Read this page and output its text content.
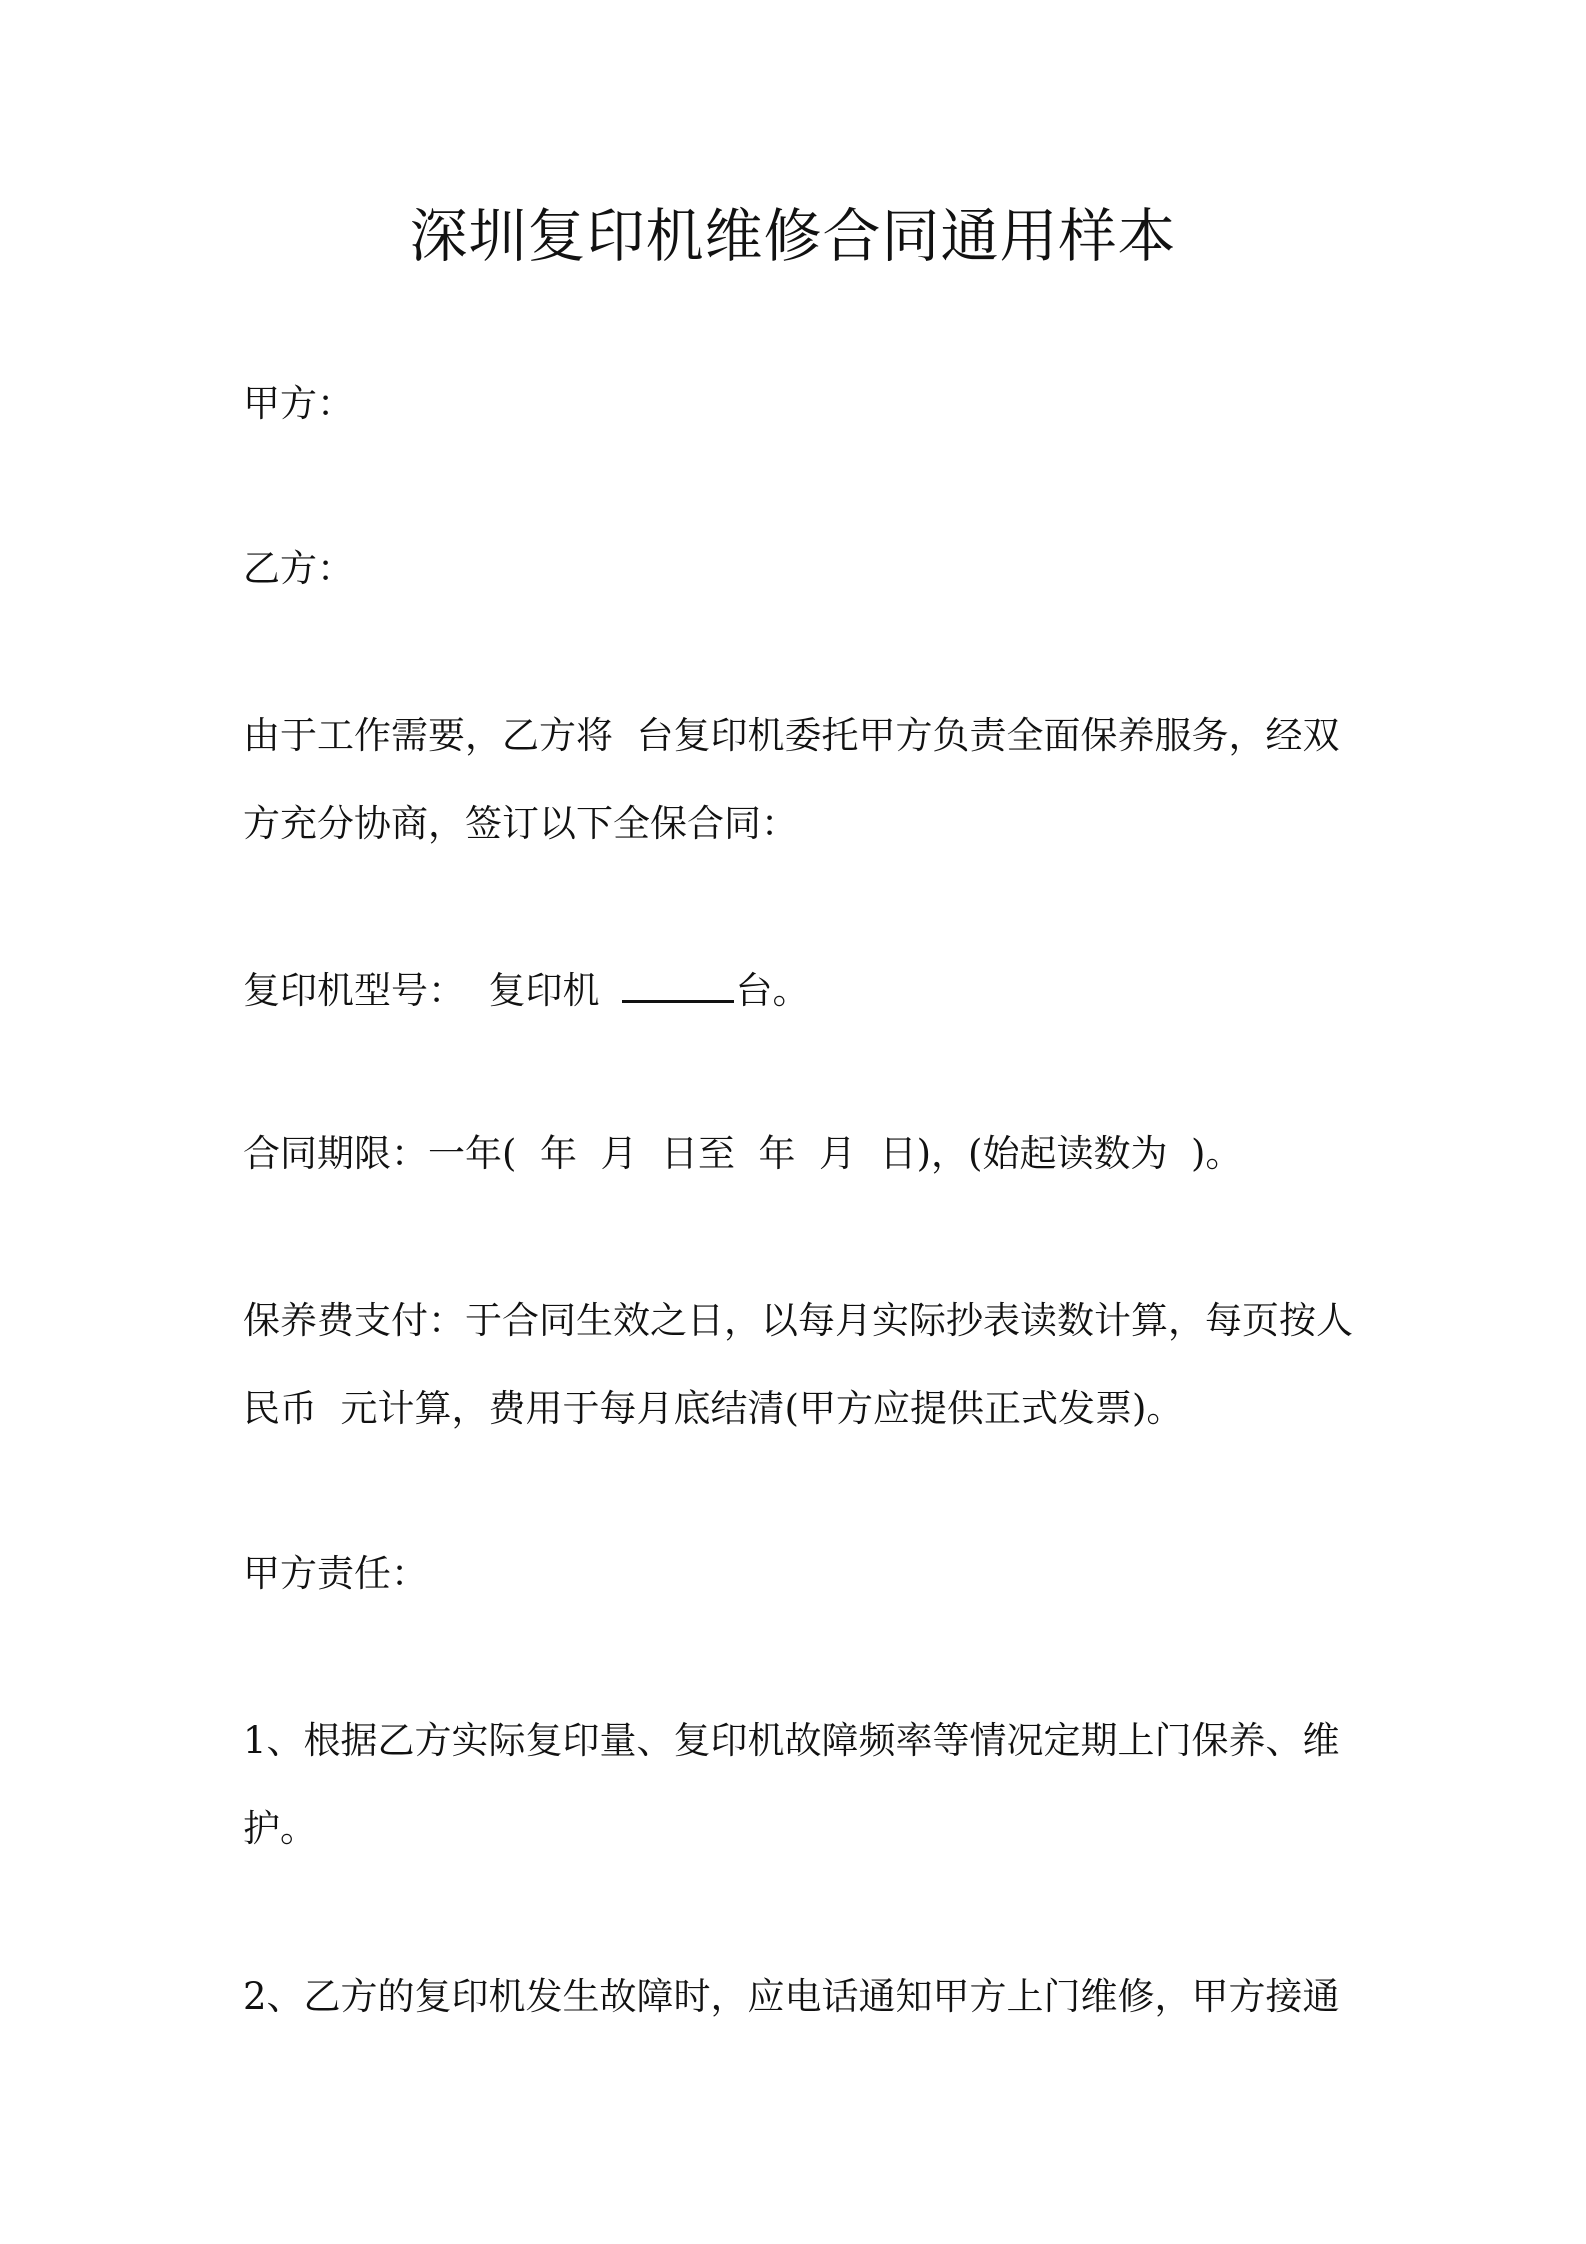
深圳复印机维修合同通用样本

甲方：

乙方：

由于工作需要，乙方将  台复印机委托甲方负责全面保养服务，经双方充分协商，签订以下全保合同：

复印机型号：  复印机	台。

合同期限：一年(  年  月  日至  年  月  日)，(始起读数为  )。

保养费支付：于合同生效之日，以每月实际抄表读数计算，每页按人民币  元计算，费用于每月底结清(甲方应提供正式发票)。

甲方责任：

1、根据乙方实际复印量、复印机故障频率等情况定期上门保养、维护。

2、乙方的复印机发生故障时，应电话通知甲方上门维修，甲方接通
